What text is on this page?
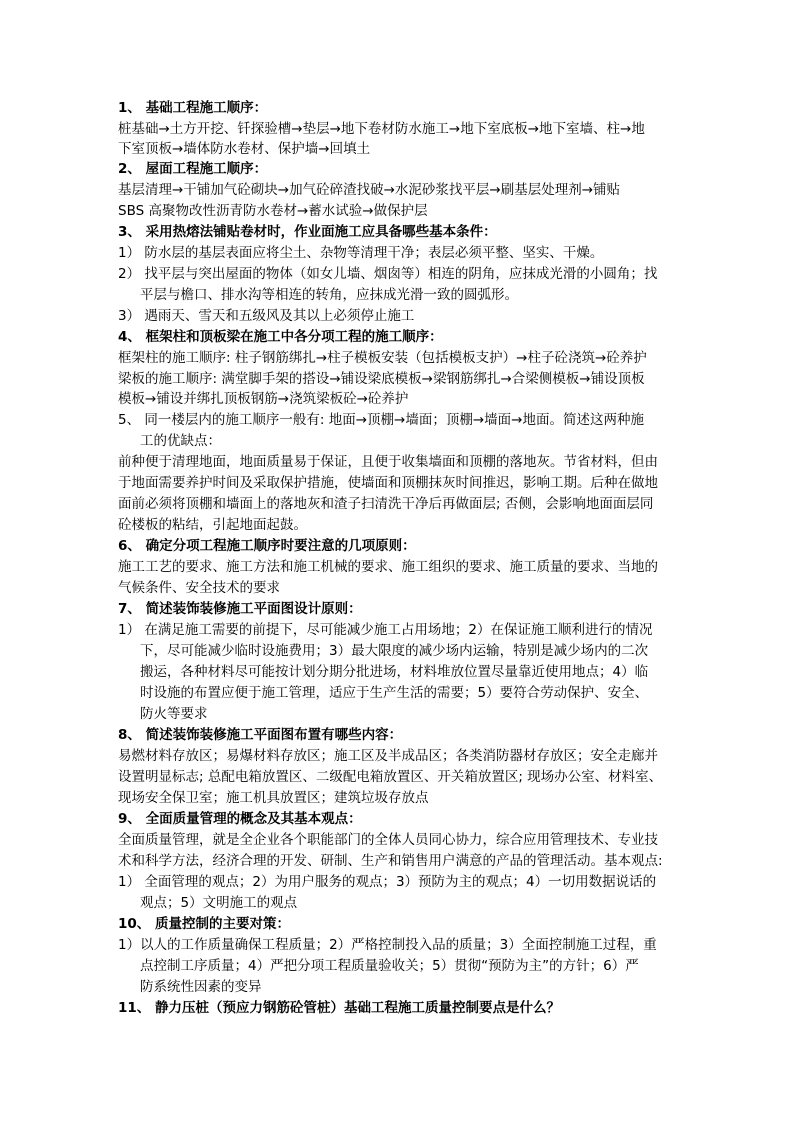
1、 基础工程施工顺序：
桩基础→土方开挖、钎探验槽→垫层→地下卷材防水施工→地下室底板→地下室墙、柱→地
下室顶板→墙体防水卷材、保护墙→回填土
2、 屋面工程施工顺序：
基层清理→干铺加气砼砌块→加气砼碎渣找破→水泥砂浆找平层→刷基层处理剂→铺贴
SBS 高聚物改性沥青防水卷材→蓄水试验→做保护层
3、 采用热熔法铺贴卷材时，作业面施工应具备哪些基本条件：
1） 防水层的基层表面应将尘土、杂物等清理干净；表层必须平整、坚实、干燥。
2） 找平层与突出屋面的物体（如女儿墙、烟囱等）相连的阴角，应抹成光滑的小圆角；找
平层与檐口、排水沟等相连的转角，应抹成光滑一致的圆弧形。
3） 遇雨天、雪天和五级风及其以上必须停止施工
4、 框架柱和顶板梁在施工中各分项工程的施工顺序：
框架柱的施工顺序: 柱子钢筋绑扎→柱子模板安装（包括模板支护）→柱子砼浇筑→砼养护
梁板的施工顺序: 满堂脚手架的搭设→铺设梁底模板→梁钢筋绑扎→合梁侧模板→铺设顶板
模板→铺设并绑扎顶板钢筋→浇筑梁板砼→砼养护
5、 同一楼层内的施工顺序一般有: 地面→顶棚→墙面；顶棚→墙面→地面。简述这两种施
工的优缺点：
前种便于清理地面，地面质量易于保证，且便于收集墙面和顶棚的落地灰。节省材料，但由
于地面需要养护时间及采取保护措施，使墙面和顶棚抹灰时间推迟，影响工期。后种在做地
面前必须将顶棚和墙面上的落地灰和渣子扫清洗干净后再做面层; 否侧，会影响地面面层同
砼楼板的粘结，引起地面起鼓。
6、 确定分项工程施工顺序时要注意的几项原则：
施工工艺的要求、施工方法和施工机械的要求、施工组织的要求、施工质量的要求、当地的
气候条件、安全技术的要求
7、 简述装饰装修施工平面图设计原则：
1） 在满足施工需要的前提下，尽可能减少施工占用场地；2）在保证施工顺利进行的情况
下，尽可能减少临时设施费用；3）最大限度的减少场内运输，特别是减少场内的二次
搬运，各种材料尽可能按计划分期分批进场，材料堆放位置尽量靠近使用地点；4）临
时设施的布置应便于施工管理，适应于生产生活的需要；5）要符合劳动保护、安全、
防火等要求
8、 简述装饰装修施工平面图布置有哪些内容：
易燃材料存放区；易爆材料存放区；施工区及半成品区；各类消防器材存放区；安全走廊并
设置明显标志; 总配电箱放置区、二级配电箱放置区、开关箱放置区; 现场办公室、材料室、
现场安全保卫室；施工机具放置区；建筑垃圾存放点
9、 全面质量管理的概念及其基本观点：
全面质量管理，就是全企业各个职能部门的全体人员同心协力，综合应用管理技术、专业技
术和科学方法，经济合理的开发、研制、生产和销售用户满意的产品的管理活动。基本观点:
1） 全面管理的观点；2）为用户服务的观点；3）预防为主的观点；4）一切用数据说话的
观点；5）文明施工的观点
10、 质量控制的主要对策：
1）以人的工作质量确保工程质量；2）严格控制投入品的质量；3）全面控制施工过程，重
点控制工序质量；4）严把分项工程质量验收关；5）贯彻“预防为主”的方针；6）严
防系统性因素的变异
11、 静力压桩（预应力钢筋砼管桩）基础工程施工质量控制要点是什么？
